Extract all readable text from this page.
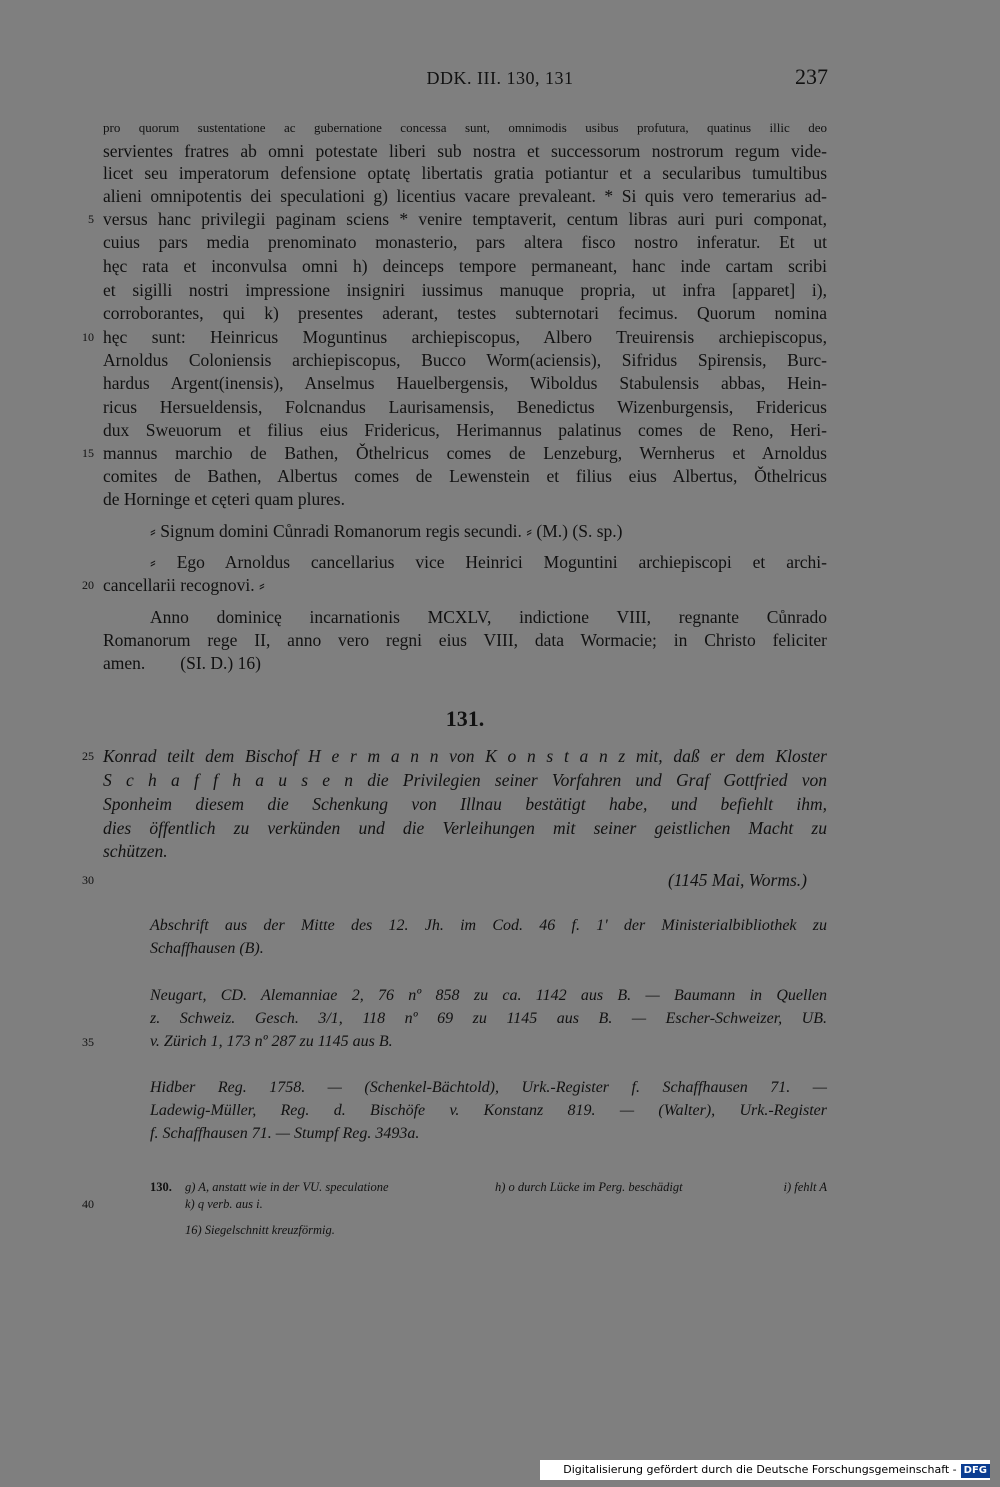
DDK. III. 130, 131	237
pro quorum sustentatione ac gubernatione concessa sunt, omnimodis usibus profutura, quatinus illic deo
servientes fratres ab omni potestate liberi sub nostra et successorum nostrorum regum vide-
licet seu imperatorum defensione optatę libertatis gratia potiantur et a secularibus tumultibus
alieni omnipotentis dei speculationi g) licentius vacare prevaleant. * Si quis vero temerarius ad-
versus hanc privilegii paginam sciens * venire temptaverit, centum libras auri puri componat,
cuius pars media prenominato monasterio, pars altera fisco nostro inferatur. Et ut
hęc rata et inconvulsa omni h) deinceps tempore permaneant, hanc inde cartam scribi
et sigilli nostri impressione insigniri iussimus manuque propria, ut infra [apparet] i),
corroborantes, qui k) presentes aderant, testes subternotari fecimus. Quorum nomina
hęc sunt: Heinricus Moguntinus archiepiscopus, Albero Treuirensis archiepiscopus,
Arnoldus Coloniensis archiepiscopus, Bucco Worm(aciensis), Sifridus Spirensis, Burc-
hardus Argent(inensis), Anselmus Hauelbergensis, Wiboldus Stabulensis abbas, Hein-
ricus Hersueldensis, Folcnandus Laurisamensis, Benedictus Wizenburgensis, Fridericus
dux Sweuorum et filius eius Fridericus, Herimannus palatinus comes de Reno, Heri-
mannus marchio de Bathen, Ǒthelricus comes de Lenzeburg, Wernherus et Arnoldus
comites de Bathen, Albertus comes de Lewenstein et filius eius Albertus, Ǒthelricus
de Horninge et cęteri quam plures.
⸗ Signum domini Cůnradi Romanorum regis secundi. ⸗ (M.) (S. sp.)
⸗ Ego Arnoldus cancellarius vice Heinrici Moguntini archiepiscopi et archi-
cancellarii recognovi. ⸗
Anno dominicę incarnationis MCXLV, indictione VIII, regnante Cůnrado
Romanorum rege II, anno vero regni eius VIII, data Wormacie; in Christo feliciter
amen.        (SI. D.) 16)
131.
Konrad teilt dem Bischof H e r m a n n von K o n s t a n z mit, daß er dem Kloster
S c h a f f h a u s e n die Privilegien seiner Vorfahren und Graf Gottfried von
Sponheim diesem die Schenkung von Illnau bestätigt habe, und befiehlt ihm,
dies öffentlich zu verkünden und die Verleihungen mit seiner geistlichen Macht zu
schützen.
(1145 Mai, Worms.)
Abschrift aus der Mitte des 12. Jh. im Cod. 46 f. 1' der Ministerialbibliothek zu
Schaffhausen (B).
Neugart, CD. Alemanniae 2, 76 nº 858 zu ca. 1142 aus B. — Baumann in Quellen
z. Schweiz. Gesch. 3/1, 118 nº 69 zu 1145 aus B. — Escher-Schweizer, UB.
v. Zürich 1, 173 nº 287 zu 1145 aus B.
Hidber Reg. 1758. — (Schenkel-Bächtold), Urk.-Register f. Schaffhausen 71. —
Ladewig-Müller, Reg. d. Bischöfe v. Konstanz 819. — (Walter), Urk.-Register
f. Schaffhausen 71. — Stumpf Reg. 3493a.
130.	g) A, anstatt wie in der VU. speculatione	h) o durch Lücke im Perg. beschädigt	i) fehlt A
k) q verb. aus i.
16) Siegelschnitt kreuzförmig.
5
10
15
20
25
30
35
40
Digitalisierung gefördert durch die Deutsche Forschungsgemeinschaft - DFG
